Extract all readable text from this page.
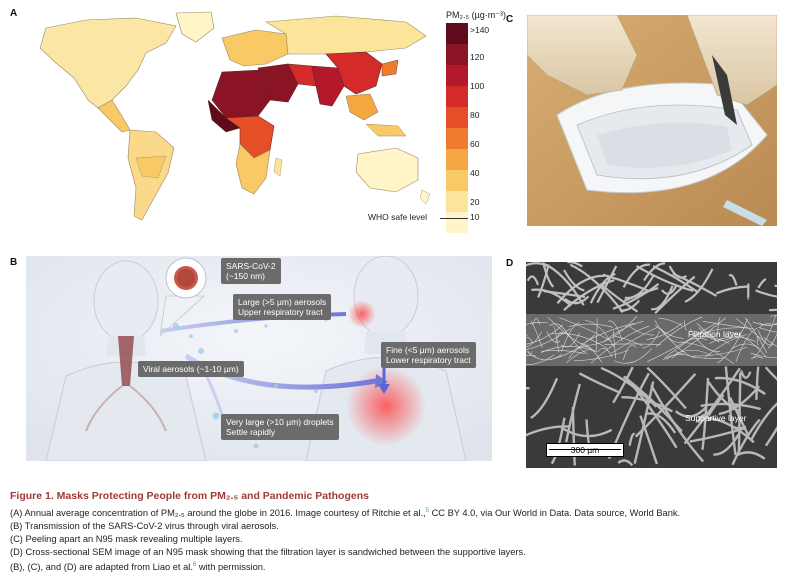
A
C
B	D
PM₂.₅ (µg·m⁻³)
>140
120
100
80
60
40
20
10
WHO safe level
SARS-CoV-2
(~150 nm)
Large (>5 µm) aerosols
Upper respiratory tract
Fine (<5 µm) aerosols
Lower respiratory tract
Viral aerosols (~1-10 µm)
Very large (>10 µm) droplets
Settle rapidly
Filtration layer
Supportive layer
300 µm

Figure 1. Masks Protecting People from PM₂.₅ and Pandemic Pathogens

(A) Annual average concentration of PM₂.₅ around the globe in 2016. Image courtesy of Ritchie et al.,$^5$ CC BY 4.0, via Our World in Data. Data source, World Bank.

(B) Transmission of the SARS-CoV-2 virus through viral aerosols.

(C) Peeling apart an N95 mask revealing multiple layers.

(D) Cross-sectional SEM image of an N95 mask showing that the filtration layer is sandwiched between the supportive layers.

(B), (C), and (D) are adapted from Liao et al.$^6$ with permission.
